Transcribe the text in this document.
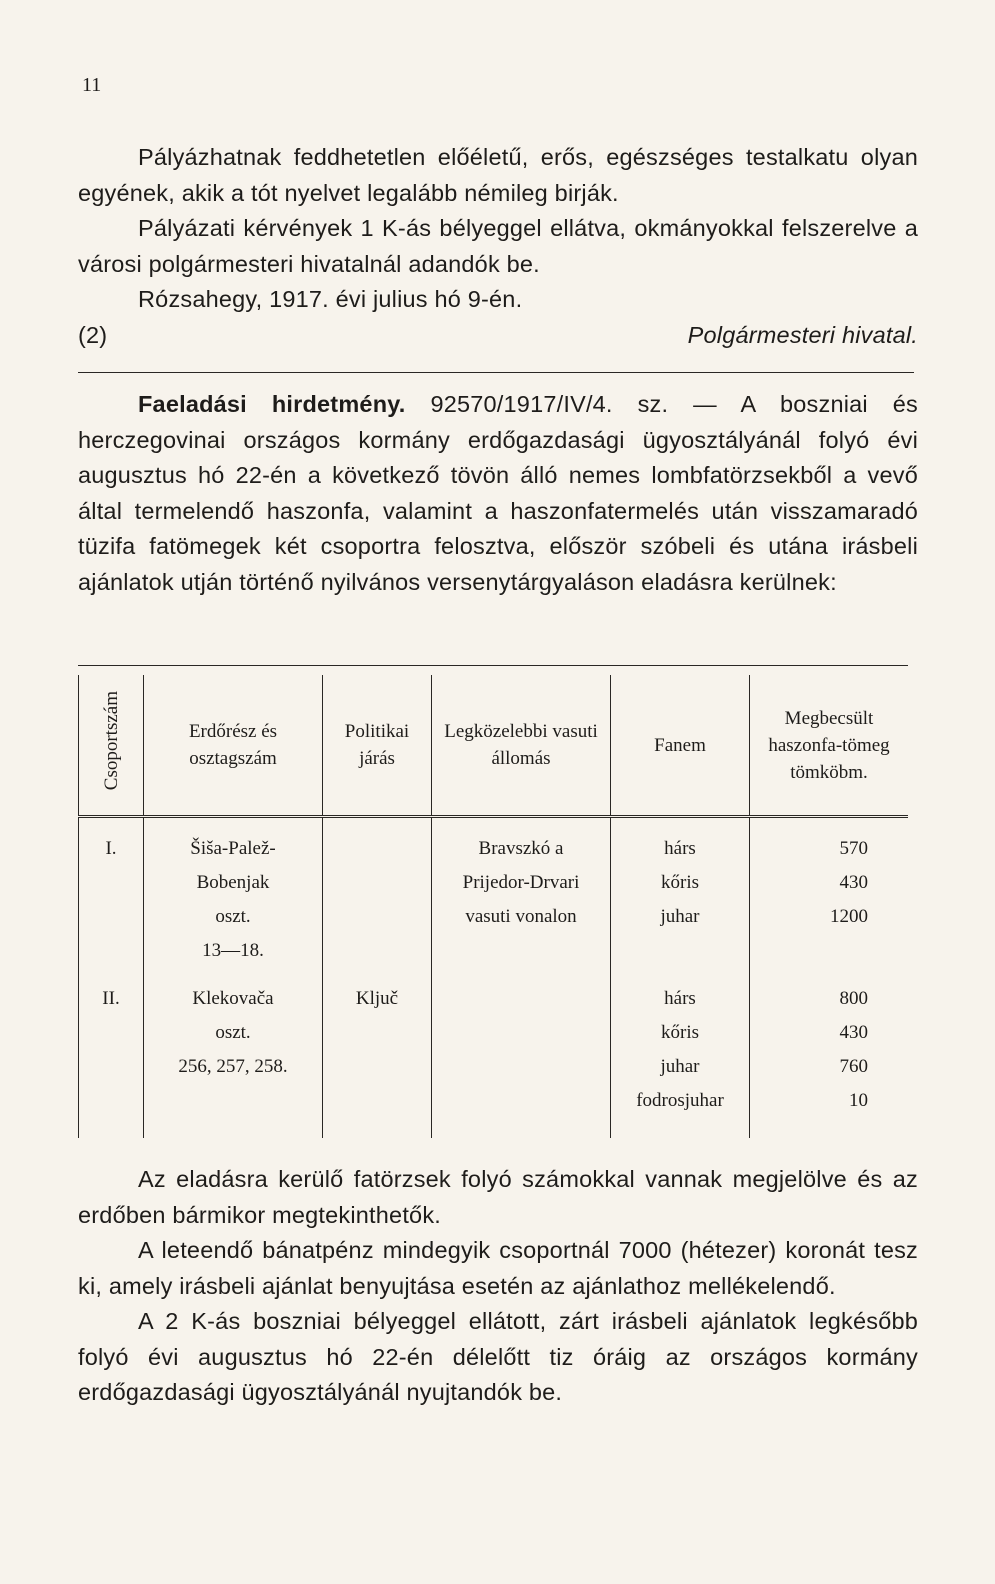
11

Pályázhatnak feddhetetlen előéletű, erős, egészséges testalkatu olyan egyének, akik a tót nyelvet legalább némileg birják.

Pályázati kérvények 1 K-ás bélyeggel ellátva, okmányokkal felszerelve a városi polgármesteri hivatalnál adandók be.

Rózsahegy, 1917. évi julius hó 9-én.

(2)	Polgármesteri hivatal.

Faeladási hirdetmény. 92570/1917/IV/4. sz. — A boszniai és herczegovinai országos kormány erdőgazdasági ügyosztályánál folyó évi augusztus hó 22-én a következő tövön álló nemes lombfatörzsekből a vevő által termelendő haszonfa, valamint a haszonfatermelés után visszamaradó tüzifa fatömegek két csoportra felosztva, először szóbeli és utána irásbeli ajánlatok utján történő nyilvános versenytárgyaláson eladásra kerülnek:

Csoportszám	Erdőrész és osztagszám	Politikai járás	Legközelebbi vasuti állomás	Fanem	Megbecsült haszonfa-tömeg tömköbm.
I.	Šiša-Palež-
Bobenjak
oszt.
13—18.		Bravszkó a
Prijedor-Drvari
vasuti vonalon	hárs
kőris
juhar	570
430
1200

II.	Klekovača
oszt.
256, 257, 258.	Ključ		hárs
kőris
juhar
fodrosjuhar	800
430
760
10

Az eladásra kerülő fatörzsek folyó számokkal vannak megjelölve és az erdőben bármikor megtekinthetők.

A leteendő bánatpénz mindegyik csoportnál 7000 (hétezer) koronát tesz ki, amely irásbeli ajánlat benyujtása esetén az ajánlathoz mellékelendő.

A 2 K-ás boszniai bélyeggel ellátott, zárt irásbeli ajánlatok legkésőbb folyó évi augusztus hó 22-én délelőtt tiz óráig az országos kormány erdőgazdasági ügyosztályánál nyujtandók be.
